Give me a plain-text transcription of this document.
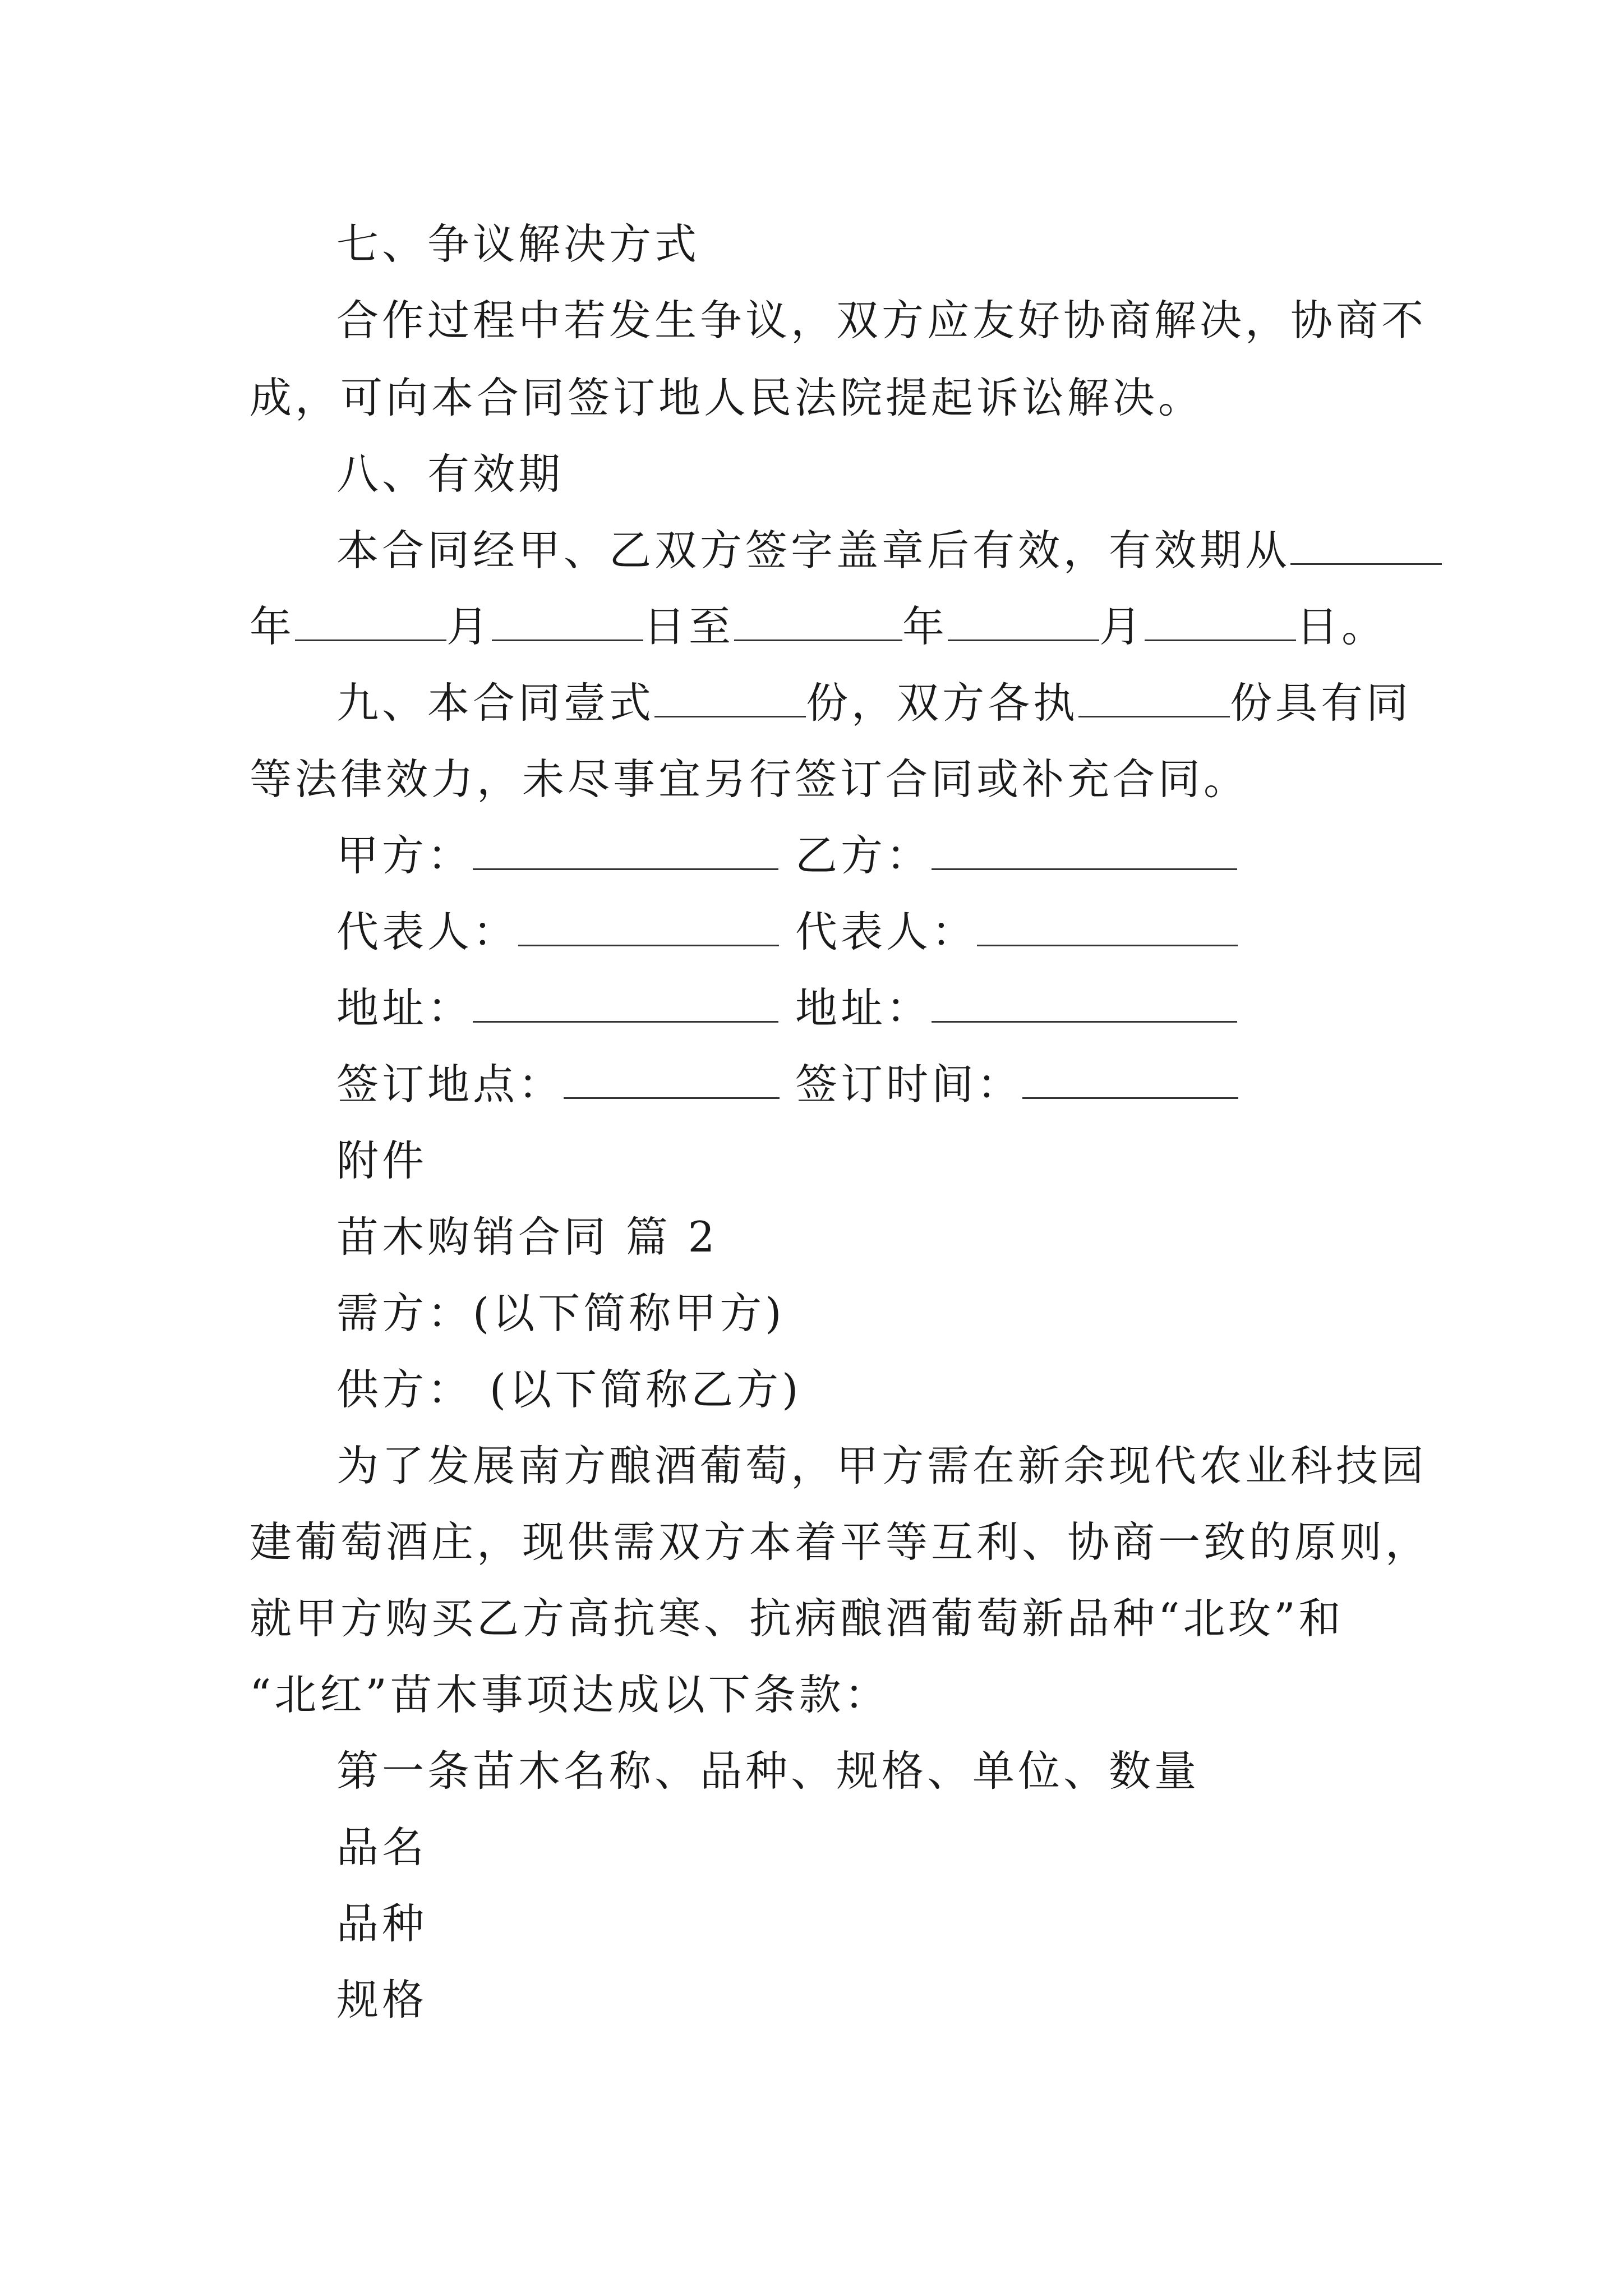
七、争议解决方式
合作过程中若发生争议，双方应友好协商解决，协商不
成，可向本合同签订地人民法院提起诉讼解决。
八、有效期
本合同经甲、乙双方签字盖章后有效，有效期从
年	月	日至	年	月	日。
九、本合同壹式	份，双方各执	份具有同
等法律效力，未尽事宜另行签订合同或补充合同。
甲方：	乙方：
代表人：	代表人：
地址：	地址：
签订地点：	签订时间：
附件
苗木购销合同 篇 2
需方：(以下简称甲方)
供方： (以下简称乙方)
为了发展南方酿酒葡萄，甲方需在新余现代农业科技园
建葡萄酒庄，现供需双方本着平等互利、协商一致的原则，
就甲方购买乙方高抗寒、抗病酿酒葡萄新品种“北玫”和
“北红”苗木事项达成以下条款：
第一条苗木名称、品种、规格、单位、数量
品名
品种
规格
